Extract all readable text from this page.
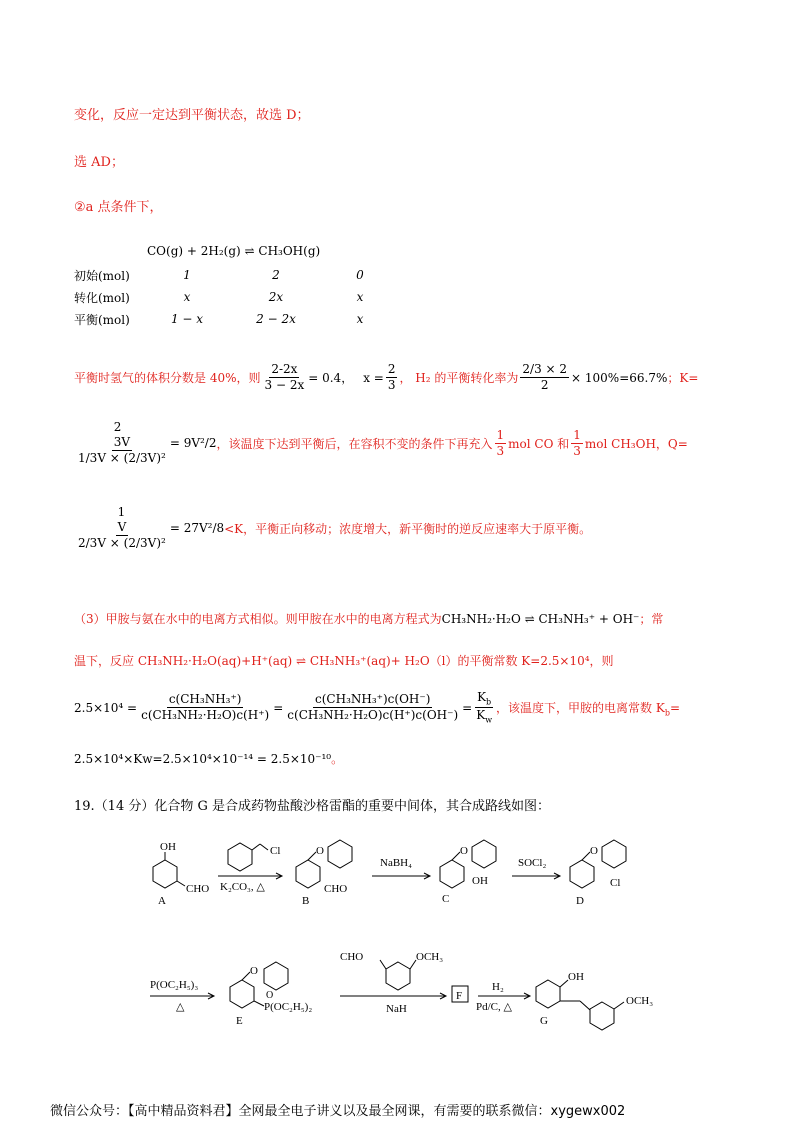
变化，反应一定达到平衡状态，故选 D；
选 AD；
②a 点条件下，
CO(g) + 2H₂(g) ⇌ CH₃OH(g)
初始(mol)	1	2	0
转化(mol)	x	2x	x
平衡(mol)	1 − x	2 − 2x	x
平衡时氢气的体积分数是 40%，则 $\frac{2-2x}{3 - 2x} = 0.4$， $x = \frac{2}{3}$ ， H₂ 的平衡转化率为 $\frac{2/3 \times 2}{2} \times 100\%=66.7\%$ ；K=
2
3V
1/3V × (2/3V)²
= 9V²/2 ，该温度下达到平衡后，在容积不变的条件下再充入 $\frac{1}{3}$ mol CO 和 $\frac{1}{3}$ mol CH₃OH，Q=
1
V
2/3V × (2/3V)²
= 27V²/8 <K，平衡正向移动；浓度增大，新平衡时的逆反应速率大于原平衡。
（3）甲胺与氨在水中的电离方式相似。则甲胺在水中的电离方程式为CH₃NH₂·H₂O ⇌ CH₃NH₃⁺ + OH⁻；常
温下，反应 CH₃NH₂·H₂O(aq)+H⁺(aq) ⇌ CH₃NH₃⁺(aq)+ H₂O（l）的平衡常数 K=2.5×10⁴，则
$2.5\times 10^4 = \frac{\text{c(CH₃NH₃⁺)}}{\text{c(CH₃NH₂·H₂O)c(H⁺)}} = \frac{\text{c(CH₃NH₃⁺)c(OH⁻)}}{\text{c(CH₃NH₂·H₂O)c(H⁺)c(OH⁻)}} = \frac{K_b}{K_w}$ ，该温度下，甲胺的电离常数 $K_b=$
2.5×10⁴×Kw=2.5×10⁴×10⁻¹⁴ = 2.5×10⁻¹⁰。
19.（14 分）化合物 G 是合成药物盐酸沙格雷酯的重要中间体，其合成路线如图：
OH
CHO
A
Cl
K₂CO₃, △
O
CHO
B
NaBH₄
O
OH
C
SOCl₂
O
Cl
D
P(OC₂H₅)₃
△
O
P(OC₂H₅)₂
O
E
CHO	OCH₃
NaH
F
H₂
Pd/C, △
OH
OCH₃
G
微信公众号：【高中精品资料君】全网最全电子讲义以及最全网课，有需要的联系微信：xygewx002
